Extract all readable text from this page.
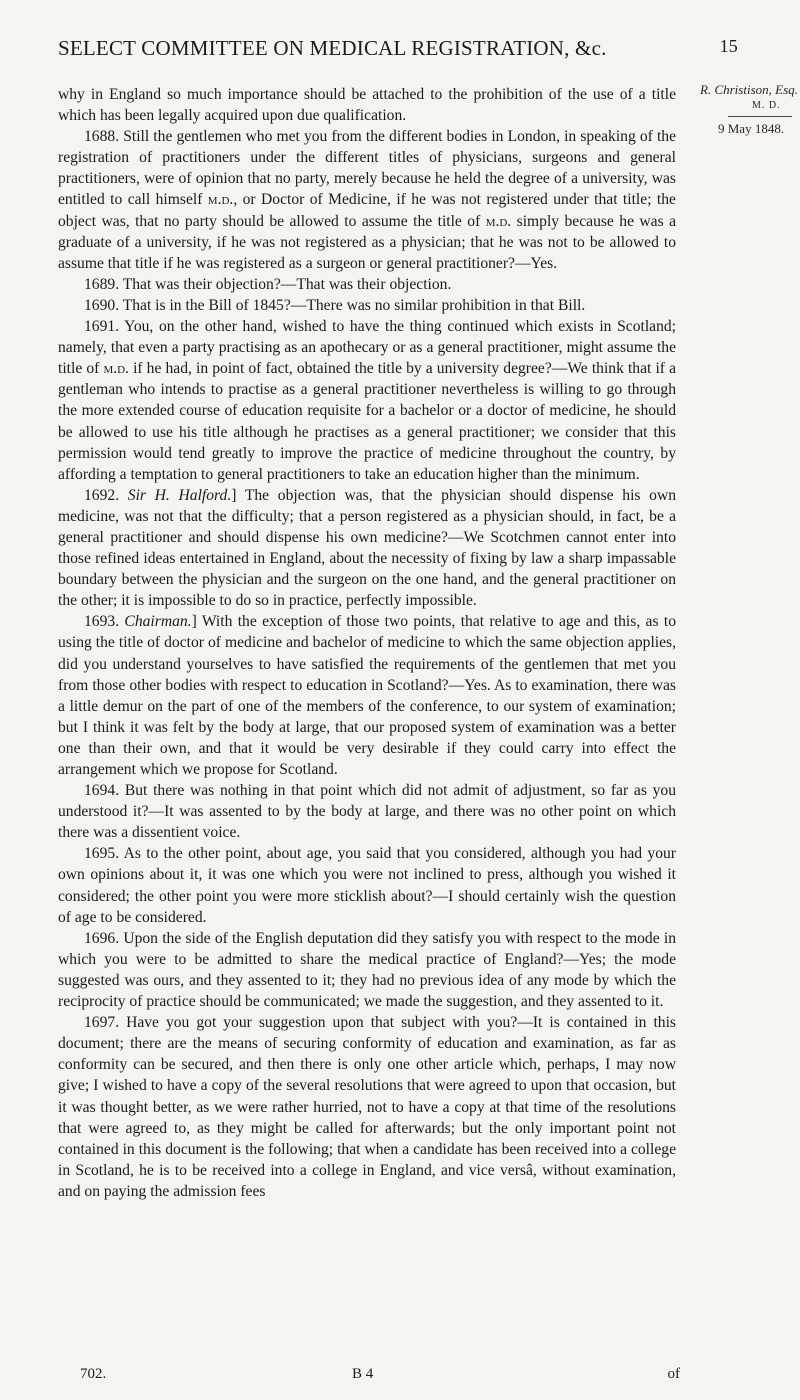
SELECT COMMITTEE ON MEDICAL REGISTRATION, &c.	15
R. Christison, Esq.
M. D.
9 May 1848.

why in England so much importance should be attached to the prohibition of the use of a title which has been legally acquired upon due qualification.

1688. Still the gentlemen who met you from the different bodies in London, in speaking of the registration of practitioners under the different titles of physicians, surgeons and general practitioners, were of opinion that no party, merely because he held the degree of a university, was entitled to call himself m.d., or Doctor of Medicine, if he was not registered under that title; the object was, that no party should be allowed to assume the title of m.d. simply because he was a graduate of a university, if he was not registered as a physician; that he was not to be allowed to assume that title if he was registered as a surgeon or general practitioner?—Yes.

1689. That was their objection?—That was their objection.

1690. That is in the Bill of 1845?—There was no similar prohibition in that Bill.

1691. You, on the other hand, wished to have the thing continued which exists in Scotland; namely, that even a party practising as an apothecary or as a general practitioner, might assume the title of m.d. if he had, in point of fact, obtained the title by a university degree?—We think that if a gentleman who intends to practise as a general practitioner nevertheless is willing to go through the more extended course of education requisite for a bachelor or a doctor of medicine, he should be allowed to use his title although he practises as a general practitioner; we consider that this permission would tend greatly to improve the practice of medicine throughout the country, by affording a temptation to general practitioners to take an education higher than the minimum.

1692. Sir H. Halford.] The objection was, that the physician should dispense his own medicine, was not that the difficulty; that a person registered as a physician should, in fact, be a general practitioner and should dispense his own medicine?—We Scotchmen cannot enter into those refined ideas entertained in England, about the necessity of fixing by law a sharp impassable boundary between the physician and the surgeon on the one hand, and the general practitioner on the other; it is impossible to do so in practice, perfectly impossible.

1693. Chairman.] With the exception of those two points, that relative to age and this, as to using the title of doctor of medicine and bachelor of medicine to which the same objection applies, did you understand yourselves to have satisfied the requirements of the gentlemen that met you from those other bodies with respect to education in Scotland?—Yes. As to examination, there was a little demur on the part of one of the members of the conference, to our system of examination; but I think it was felt by the body at large, that our proposed system of examination was a better one than their own, and that it would be very desirable if they could carry into effect the arrangement which we propose for Scotland.

1694. But there was nothing in that point which did not admit of adjustment, so far as you understood it?—It was assented to by the body at large, and there was no other point on which there was a dissentient voice.

1695. As to the other point, about age, you said that you considered, although you had your own opinions about it, it was one which you were not inclined to press, although you wished it considered; the other point you were more sticklish about?—I should certainly wish the question of age to be considered.

1696. Upon the side of the English deputation did they satisfy you with respect to the mode in which you were to be admitted to share the medical practice of England?—Yes; the mode suggested was ours, and they assented to it; they had no previous idea of any mode by which the reciprocity of practice should be communicated; we made the suggestion, and they assented to it.

1697. Have you got your suggestion upon that subject with you?—It is contained in this document; there are the means of securing conformity of education and examination, as far as conformity can be secured, and then there is only one other article which, perhaps, I may now give; I wished to have a copy of the several resolutions that were agreed to upon that occasion, but it was thought better, as we were rather hurried, not to have a copy at that time of the resolutions that were agreed to, as they might be called for afterwards; but the only important point not contained in this document is the following; that when a candidate has been received into a college in Scotland, he is to be received into a college in England, and vice versâ, without examination, and on paying the admission fees

702.	B 4	of
